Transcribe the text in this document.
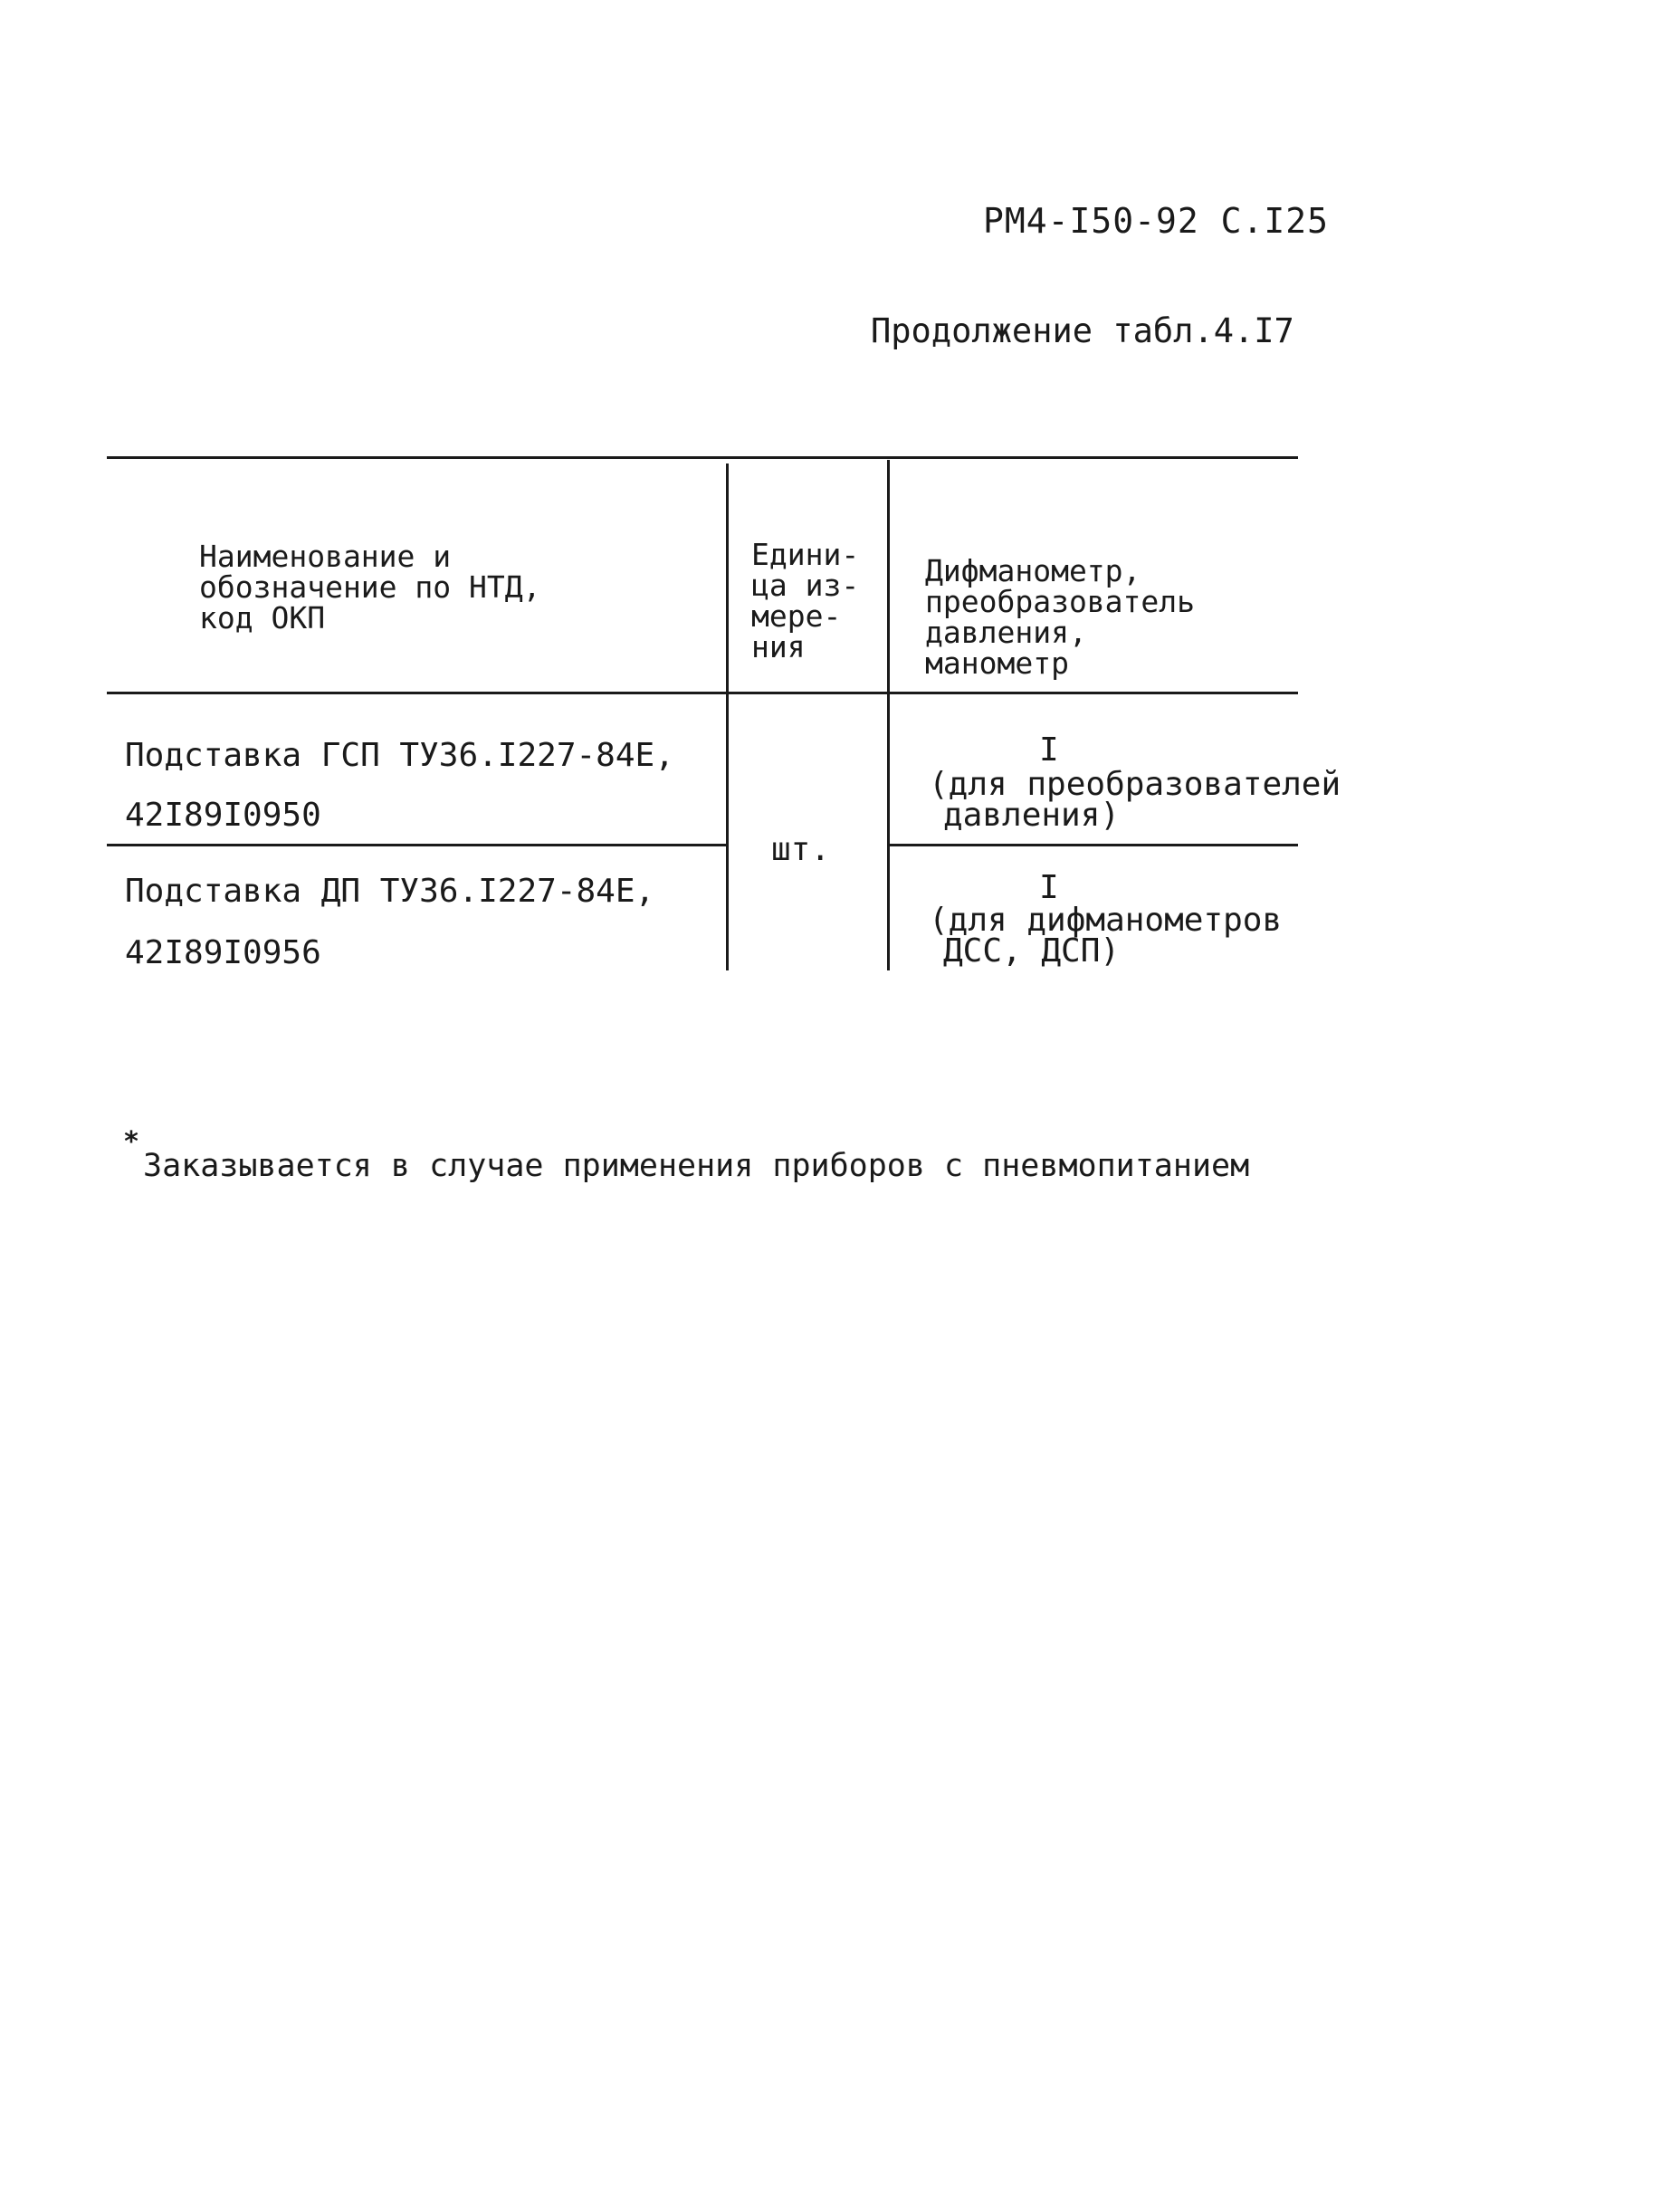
РМ4-I50-92 С.I25
Продолжение табл.4.I7
Наименование и
обозначение по НТД,
код ОКП
Едини-
ца из-
мере-
ния
Дифманометр,
преобразователь
давления,
манометр
Подставка ГСП ТУ36.I227-84Е,
42I89I0950
I
(для преобразователей
давления)
шт.
Подставка ДП ТУ36.I227-84Е,
42I89I0956
I
(для дифманометров
ДСС, ДСП)
*
Заказывается в случае применения приборов с пневмопитанием
